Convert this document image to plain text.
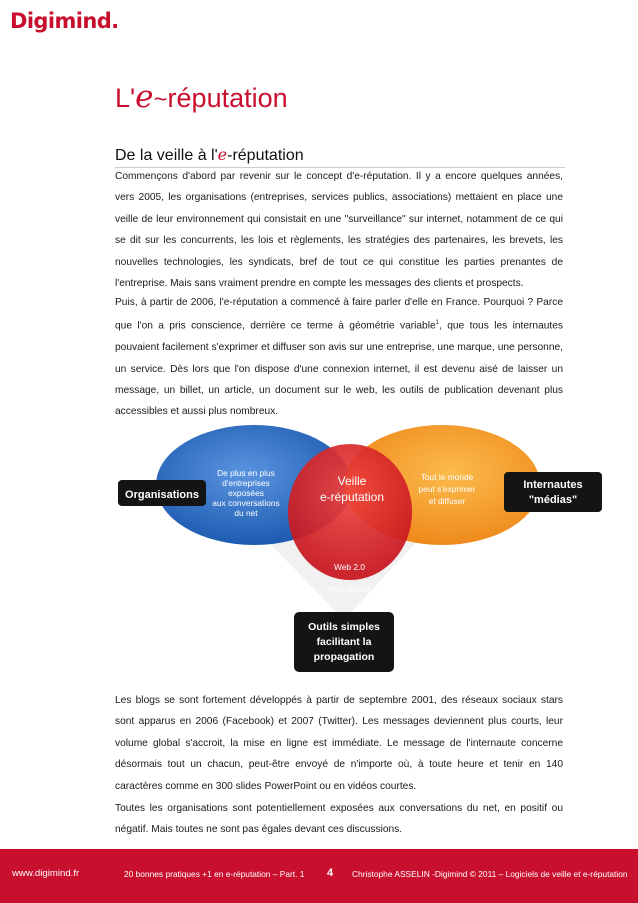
Digimind.
L'e~réputation
De la veille à l'e-réputation

Commençons d'abord par revenir sur le concept d'e-réputation. Il y a encore quelques années, vers 2005, les organisations (entreprises, services publics, associations) mettaient en place une veille de leur environnement qui consistait en une "surveillance" sur internet, notamment de ce qui se dit sur les concurrents, les lois et règlements, les stratégies des partenaires, les brevets, les nouvelles technologies, les syndicats, bref de tout ce qui constitue les parties prenantes de l'entreprise. Mais sans vraiment prendre en compte les messages des clients et prospects.

Puis, à partir de 2006, l'e-réputation a commencé à faire parler d'elle en France. Pourquoi ? Parce que l'on a pris conscience, derrière ce terme à géométrie variable$^1$, que tous les internautes pouvaient facilement s'exprimer et diffuser son avis sur une entreprise, une marque, une personne, un service. Dès lors que l'on dispose d'une connexion internet, il est devenu aisé de laisser un message, un billet, un article, un document sur le web, les outils de publication devenant plus accessibles et aussi plus nombreux.

Organisations
De plus en plus
d'entreprises
exposées
aux conversations
du net
Veille
e-réputation
Tout le monde
peut s'exprimer
et diffuser
Internautes
"médias"
Web 2.0
> Web Social
Outils simples
facilitant la
propagation

Les blogs se sont fortement développés à partir de septembre 2001, des réseaux sociaux stars sont apparus en 2006 (Facebook) et 2007 (Twitter). Les messages deviennent plus courts, leur volume global s'accroit, la mise en ligne est immédiate. Le message de l'internaute concerne désormais tout un chacun, peut-être envoyé de n'importe où, à toute heure et tenir en 140 caractères comme en 300 slides PowerPoint ou en vidéos courtes.

Toutes les organisations sont potentiellement exposées aux conversations du net, en positif ou négatif. Mais toutes ne sont pas égales devant ces discussions.

www.digimind.fr	20 bonnes pratiques +1 en e-réputation – Part. 1 4 Christophe ASSELIN -Digimind © 2011 – Logiciels de veille et e-réputation
